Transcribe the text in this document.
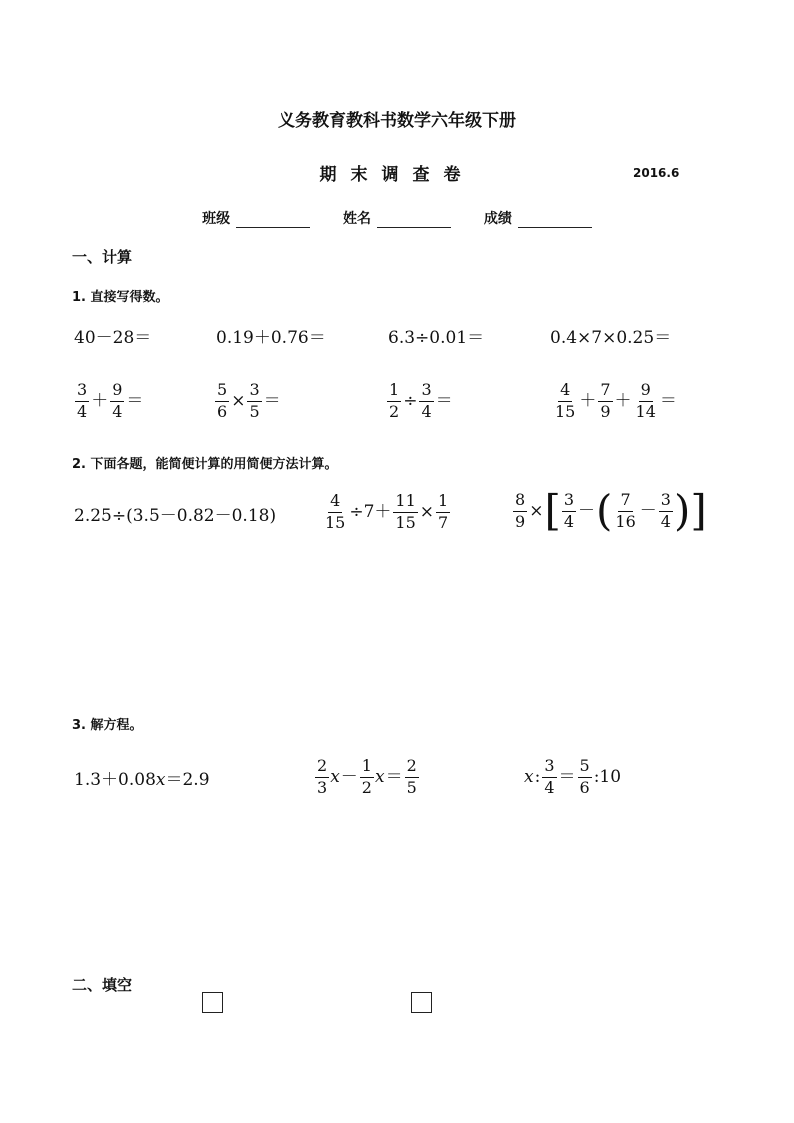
义务教育教科书数学六年级下册
期末调查卷	2016.6
班级	姓名	成绩
一、计算
1. 直接写得数。
40－28＝	0.19＋0.76＝	6.3÷0.01＝	0.4×7×0.25＝
$\frac{3}{4} + \frac{9}{4}$ ＝	$\frac{5}{6} \times \frac{3}{5}$ ＝	$\frac{1}{2} \div \frac{3}{4}$ ＝	$\frac{4}{15} + \frac{7}{9} + \frac{9}{14}$ ＝
2. 下面各题，能简便计算的用简便方法计算。
2.25÷(3.5－0.82－0.18)	$\frac{4}{15} \div 7+ \frac{11}{15} \times \frac{1}{7}$	$\frac{8}{9}$ ×[ $\frac{3}{4}$ －( $\frac{7}{16} - \frac{3}{4}$ )]
3. 解方程。
1.3＋0.08x＝2.9	$\frac{2}{3} x- \frac{1}{2} x= \frac{2}{5}$	x: $\frac{3}{4} = \frac{5}{6}$ :10
二、填空
